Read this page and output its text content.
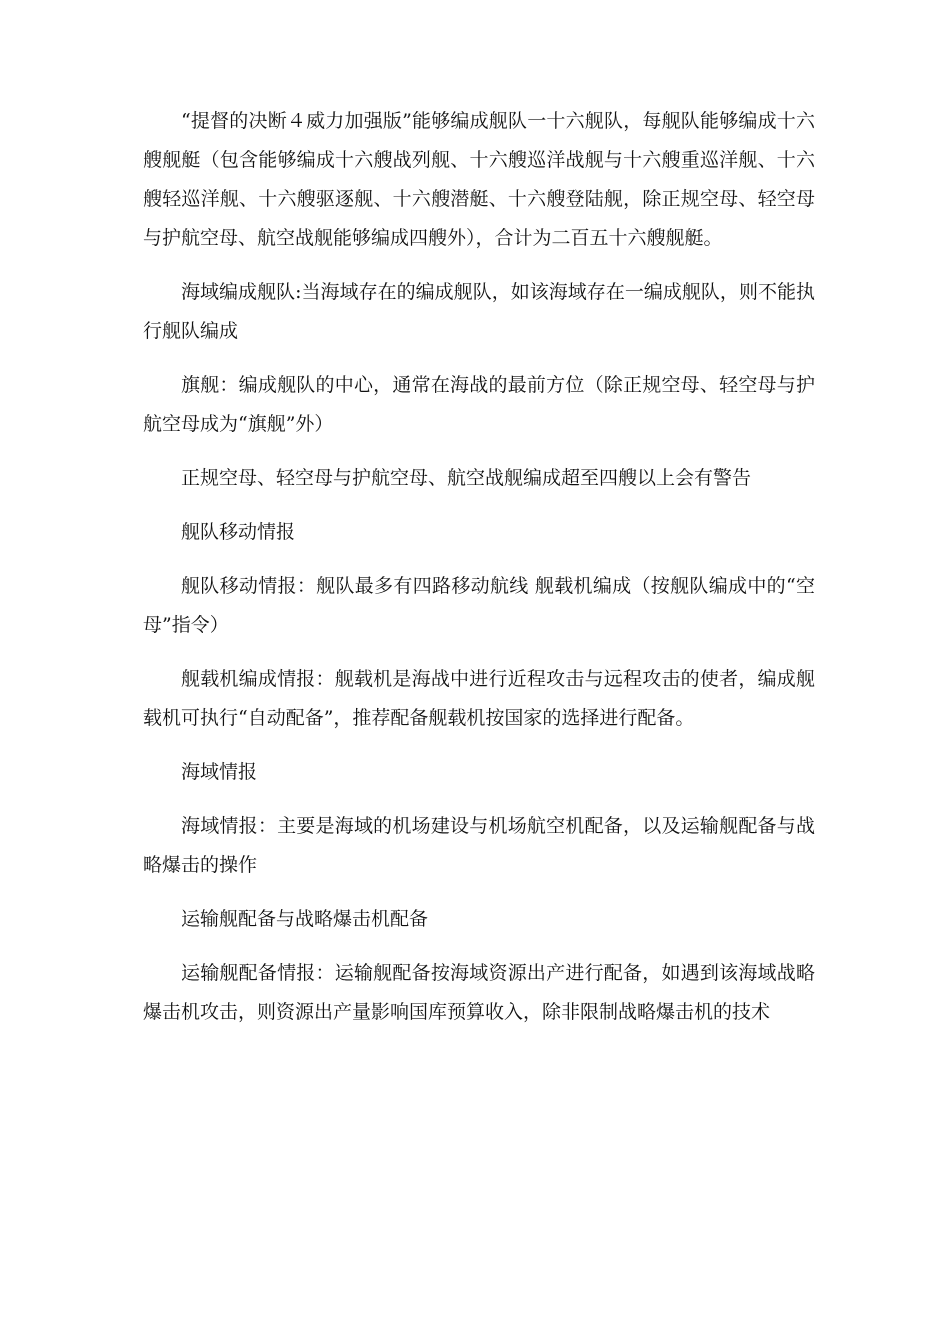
“提督的决断４威力加强版”能够编成舰队一十六舰队，每舰队能够编成十六艘舰艇（包含能够编成十六艘战列舰、十六艘巡洋战舰与十六艘重巡洋舰、十六艘轻巡洋舰、十六艘驱逐舰、十六艘潜艇、十六艘登陆舰，除正规空母、轻空母与护航空母、航空战舰能够编成四艘外），合计为二百五十六艘舰艇。

海域编成舰队:当海域存在的编成舰队，如该海域存在一编成舰队，则不能执行舰队编成

旗舰：编成舰队的中心，通常在海战的最前方位（除正规空母、轻空母与护航空母成为“旗舰”外）

正规空母、轻空母与护航空母、航空战舰编成超至四艘以上会有警告

舰队移动情报

舰队移动情报：舰队最多有四路移动航线 舰载机编成（按舰队编成中的“空母”指令）

舰载机编成情报：舰载机是海战中进行近程攻击与远程攻击的使者，编成舰载机可执行“自动配备”，推荐配备舰载机按国家的选择进行配备。

海域情报

海域情报：主要是海域的机场建设与机场航空机配备，以及运输舰配备与战略爆击的操作

运输舰配备与战略爆击机配备

运输舰配备情报：运输舰配备按海域资源出产进行配备，如遇到该海域战略爆击机攻击，则资源出产量影响国库预算收入，除非限制战略爆击机的技术
